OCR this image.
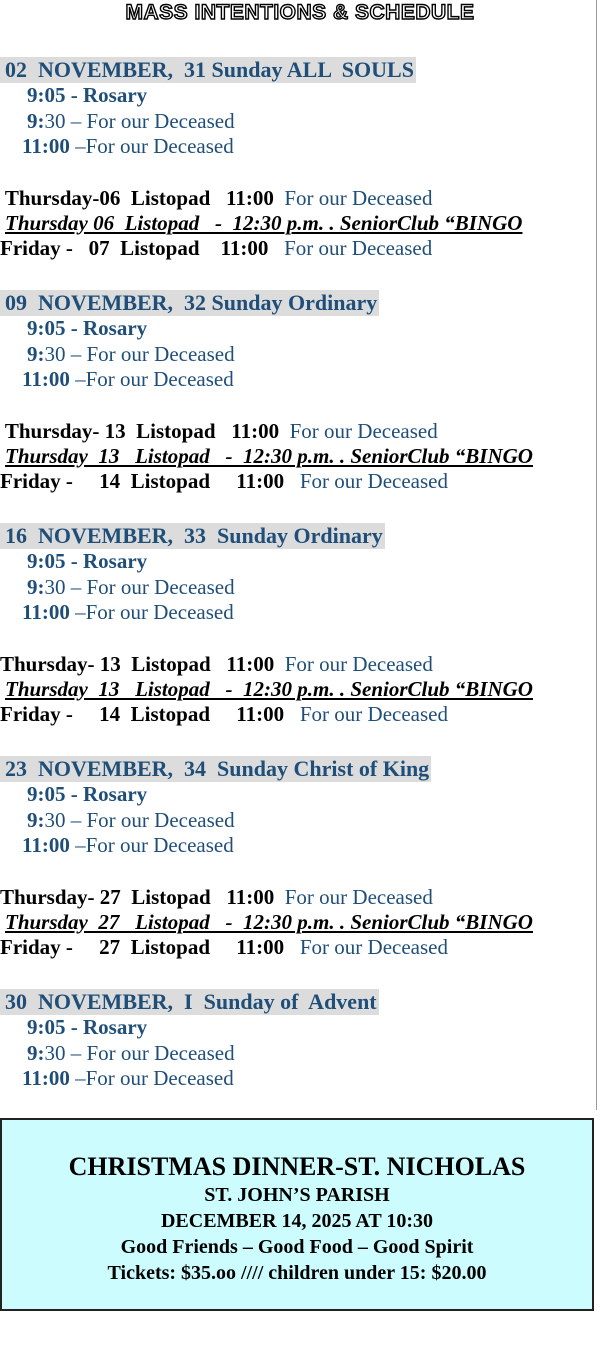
MASS INTENTIONS & SCHEDULE
02  NOVEMBER,  31 Sunday ALL  SOULS
9:05 - Rosary
9:30 – For our Deceased
11:00 –For our Deceased
Thursday-06  Listopad   11:00  For our Deceased
Thursday 06  Listopad   -  12:30 p.m. . SeniorClub “BINGO
Friday -   07  Listopad    11:00   For our Deceased
09  NOVEMBER,  32 Sunday Ordinary
9:05 - Rosary
9:30 – For our Deceased
11:00 –For our Deceased
Thursday- 13  Listopad   11:00  For our Deceased
Thursday  13   Listopad   -  12:30 p.m. . SeniorClub “BINGO
Friday -     14  Listopad     11:00   For our Deceased
16  NOVEMBER,  33  Sunday Ordinary
9:05 - Rosary
9:30 – For our Deceased
11:00 –For our Deceased
Thursday- 13  Listopad   11:00  For our Deceased
Thursday  13   Listopad   -  12:30 p.m. . SeniorClub “BINGO
Friday -     14  Listopad     11:00   For our Deceased
23  NOVEMBER,  34  Sunday Christ of King
9:05 - Rosary
9:30 – For our Deceased
11:00 –For our Deceased
Thursday- 27  Listopad   11:00  For our Deceased
Thursday  27   Listopad   -  12:30 p.m. . SeniorClub “BINGO
Friday -     27  Listopad     11:00   For our Deceased
30  NOVEMBER,  I  Sunday of  Advent
9:05 - Rosary
9:30 – For our Deceased
11:00 –For our Deceased
CHRISTMAS DINNER-ST. NICHOLAS
ST. JOHN’S PARISH
DECEMBER 14, 2025 AT 10:30
Good Friends – Good Food – Good Spirit
Tickets: $35.oo //// children under 15: $20.00
